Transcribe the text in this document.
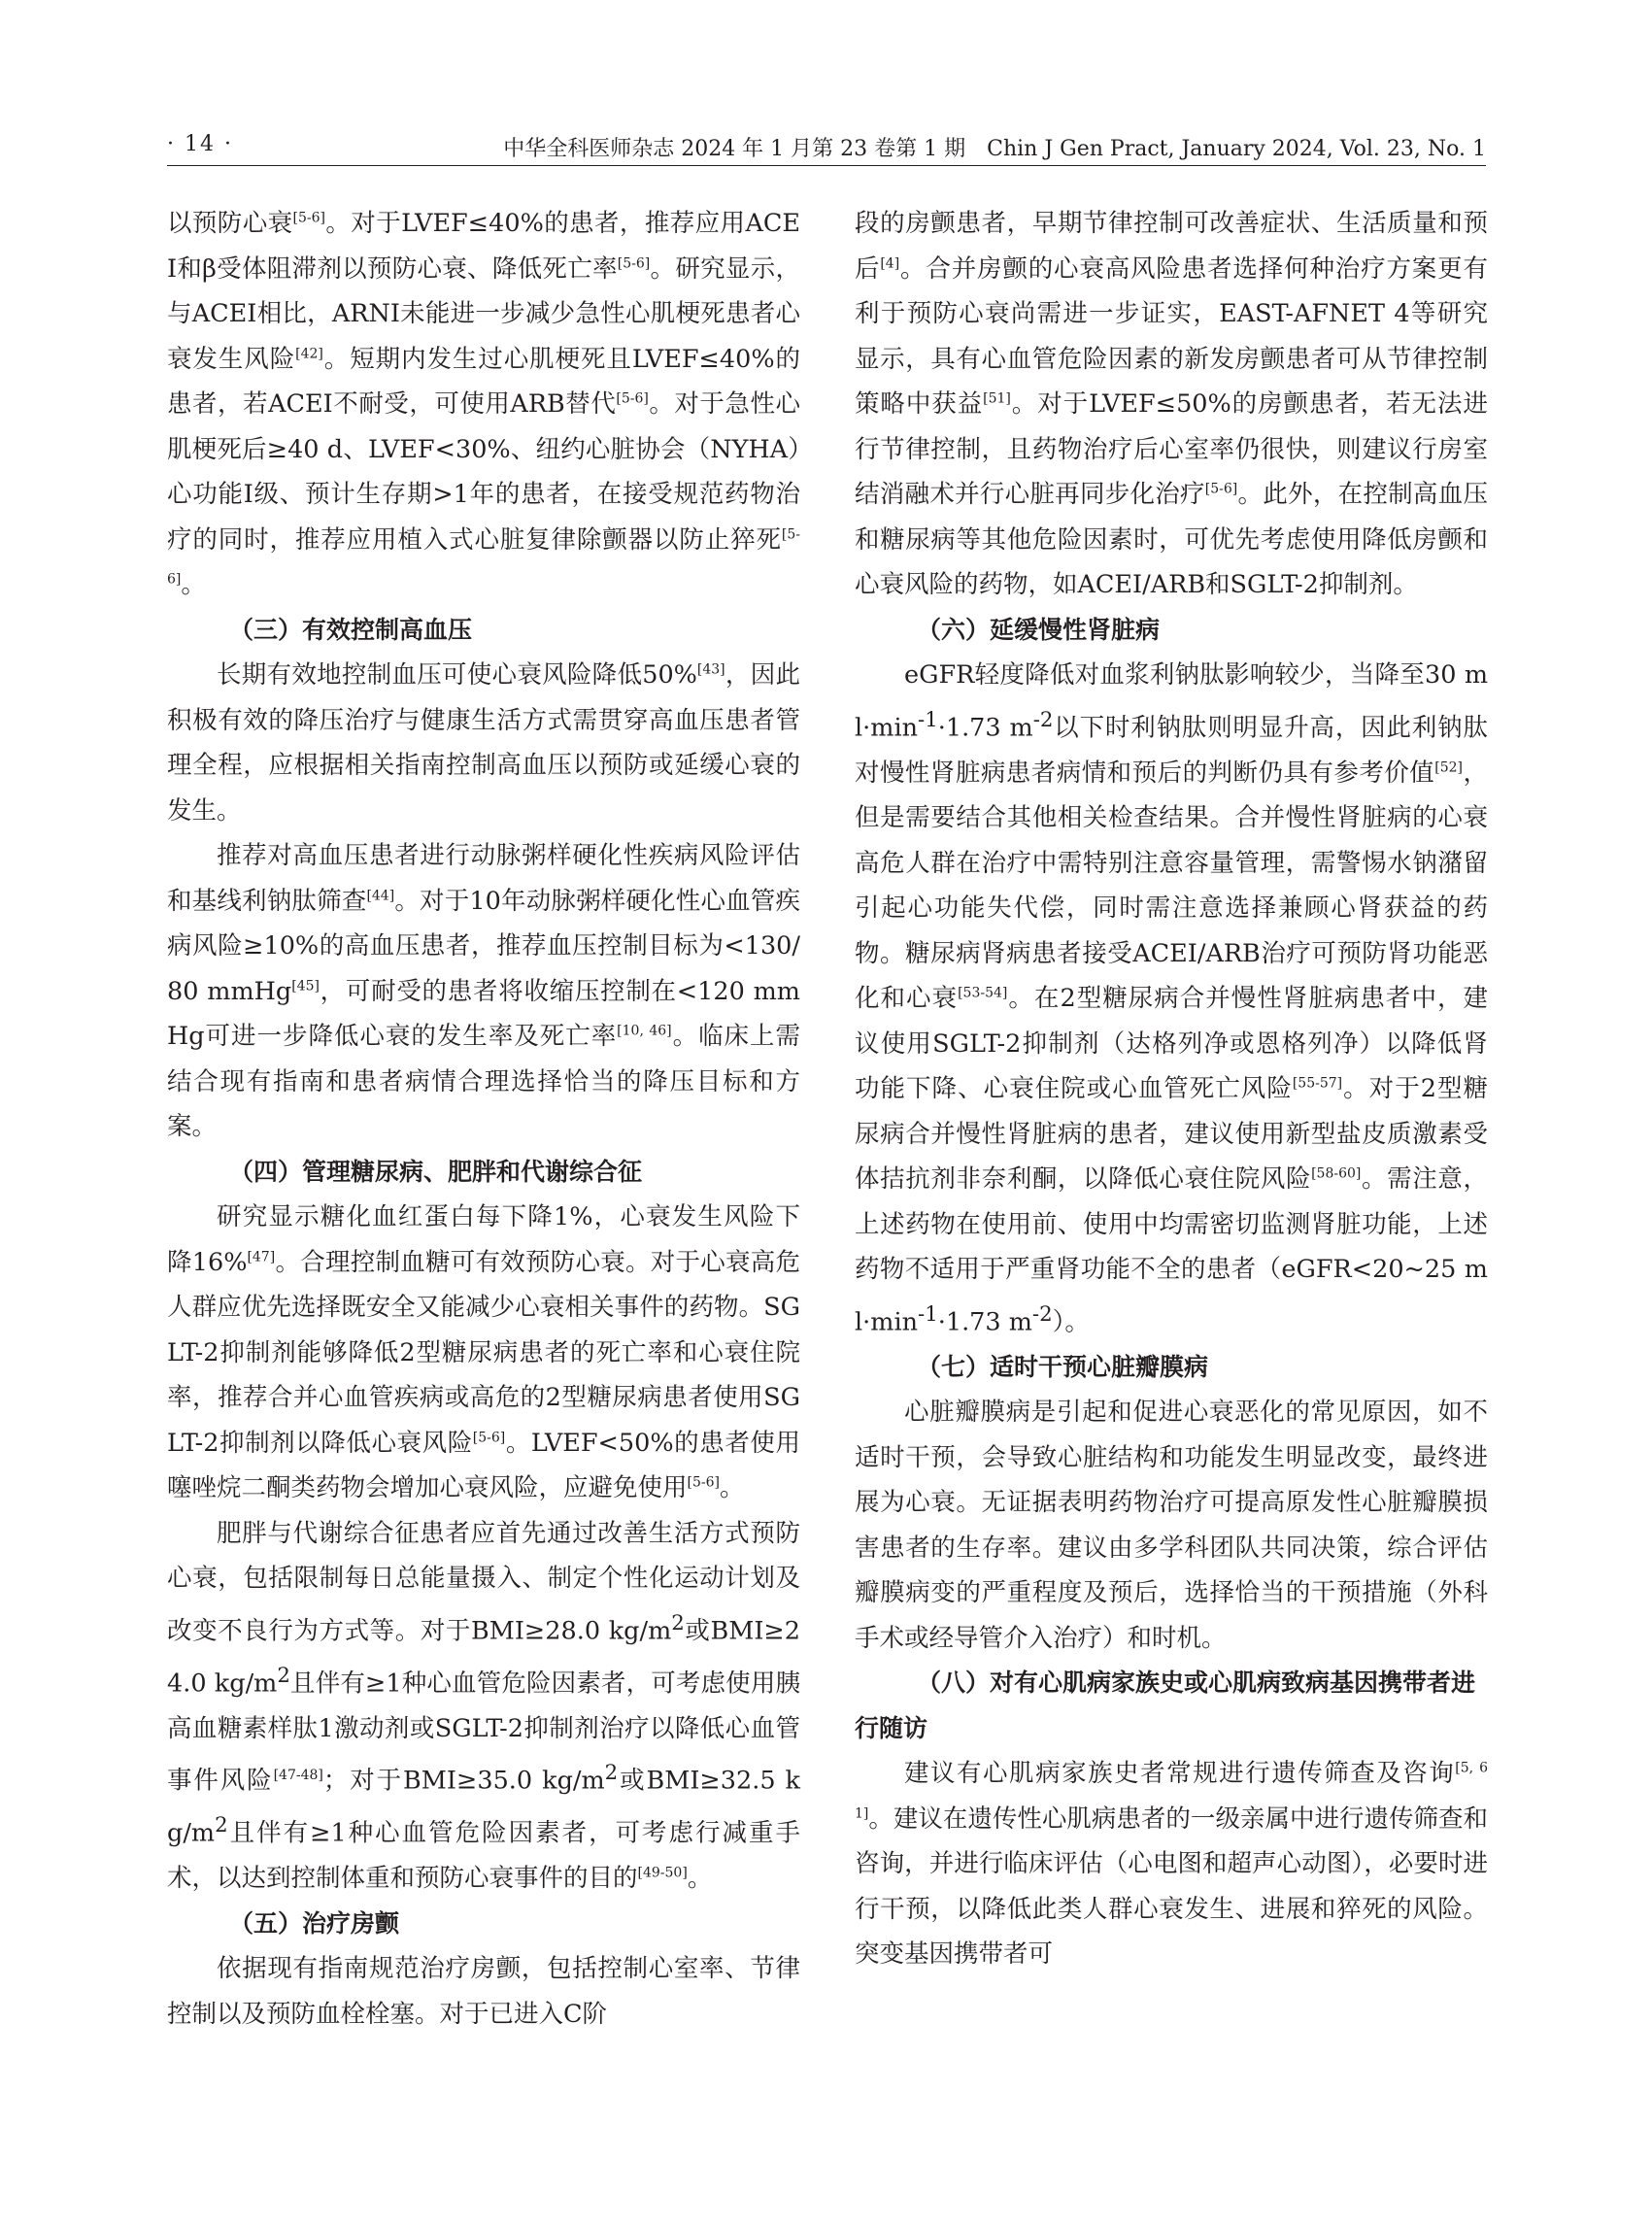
· 14 ·	中华全科医师杂志 2024 年 1 月第 23 卷第 1 期　Chin J Gen Pract, January 2024, Vol. 23, No. 1

以预防心衰[5-6]。对于LVEF≤40%的患者，推荐应用ACEI和β受体阻滞剂以预防心衰、降低死亡率[5-6]。研究显示，与ACEI相比，ARNI未能进一步减少急性心肌梗死患者心衰发生风险[42]。短期内发生过心肌梗死且LVEF≤40%的患者，若ACEI不耐受，可使用ARB替代[5-6]。对于急性心肌梗死后≥40 d、LVEF<30%、纽约心脏协会（NYHA）心功能Ⅰ级、预计生存期>1年的患者，在接受规范药物治疗的同时，推荐应用植入式心脏复律除颤器以防止猝死[5-6]。

（三）有效控制高血压

长期有效地控制血压可使心衰风险降低50%[43]，因此积极有效的降压治疗与健康生活方式需贯穿高血压患者管理全程，应根据相关指南控制高血压以预防或延缓心衰的发生。

推荐对高血压患者进行动脉粥样硬化性疾病风险评估和基线利钠肽筛查[44]。对于10年动脉粥样硬化性心血管疾病风险≥10%的高血压患者，推荐血压控制目标为<130/80 mmHg[45]，可耐受的患者将收缩压控制在<120 mmHg可进一步降低心衰的发生率及死亡率[10, 46]。临床上需结合现有指南和患者病情合理选择恰当的降压目标和方案。

（四）管理糖尿病、肥胖和代谢综合征

研究显示糖化血红蛋白每下降1%，心衰发生风险下降16%[47]。合理控制血糖可有效预防心衰。对于心衰高危人群应优先选择既安全又能减少心衰相关事件的药物。SGLT-2抑制剂能够降低2型糖尿病患者的死亡率和心衰住院率，推荐合并心血管疾病或高危的2型糖尿病患者使用SGLT-2抑制剂以降低心衰风险[5-6]。LVEF<50%的患者使用噻唑烷二酮类药物会增加心衰风险，应避免使用[5-6]。

肥胖与代谢综合征患者应首先通过改善生活方式预防心衰，包括限制每日总能量摄入、制定个性化运动计划及改变不良行为方式等。对于BMI≥28.0 $kg/m^2$或BMI≥24.0 $kg/m^2$且伴有≥1种心血管危险因素者，可考虑使用胰高血糖素样肽1激动剂或SGLT-2抑制剂治疗以降低心血管事件风险[47-48]；对于BMI≥35.0 $kg/m^2$或BMI≥32.5 $kg/m^2$且伴有≥1种心血管危险因素者，可考虑行减重手术，以达到控制体重和预防心衰事件的目的[49-50]。

（五）治疗房颤

依据现有指南规范治疗房颤，包括控制心室率、节律控制以及预防血栓栓塞。对于已进入C阶

段的房颤患者，早期节律控制可改善症状、生活质量和预后[4]。合并房颤的心衰高风险患者选择何种治疗方案更有利于预防心衰尚需进一步证实，EAST-AFNET 4等研究显示，具有心血管危险因素的新发房颤患者可从节律控制策略中获益[51]。对于LVEF≤50%的房颤患者，若无法进行节律控制，且药物治疗后心室率仍很快，则建议行房室结消融术并行心脏再同步化治疗[5-6]。此外，在控制高血压和糖尿病等其他危险因素时，可优先考虑使用降低房颤和心衰风险的药物，如ACEI/ARB和SGLT-2抑制剂。

（六）延缓慢性肾脏病

eGFR轻度降低对血浆利钠肽影响较少，当降至30 $ml\cdot\min^{-1}\cdot 1.73$ $m^{-2}$以下时利钠肽则明显升高，因此利钠肽对慢性肾脏病患者病情和预后的判断仍具有参考价值[52]，但是需要结合其他相关检查结果。合并慢性肾脏病的心衰高危人群在治疗中需特别注意容量管理，需警惕水钠潴留引起心功能失代偿，同时需注意选择兼顾心肾获益的药物。糖尿病肾病患者接受ACEI/ARB治疗可预防肾功能恶化和心衰[53-54]。在2型糖尿病合并慢性肾脏病患者中，建议使用SGLT-2抑制剂（达格列净或恩格列净）以降低肾功能下降、心衰住院或心血管死亡风险[55-57]。对于2型糖尿病合并慢性肾脏病的患者，建议使用新型盐皮质激素受体拮抗剂非奈利酮，以降低心衰住院风险[58-60]。需注意，上述药物在使用前、使用中均需密切监测肾脏功能，上述药物不适用于严重肾功能不全的患者（eGFR<20~25 $ml\cdot\min^{-1}\cdot 1.73$ $m^{-2}$）。

（七）适时干预心脏瓣膜病

心脏瓣膜病是引起和促进心衰恶化的常见原因，如不适时干预，会导致心脏结构和功能发生明显改变，最终进展为心衰。无证据表明药物治疗可提高原发性心脏瓣膜损害患者的生存率。建议由多学科团队共同决策，综合评估瓣膜病变的严重程度及预后，选择恰当的干预措施（外科手术或经导管介入治疗）和时机。

（八）对有心肌病家族史或心肌病致病基因携带者进行随访

建议有心肌病家族史者常规进行遗传筛查及咨询[5, 61]。建议在遗传性心肌病患者的一级亲属中进行遗传筛查和咨询，并进行临床评估（心电图和超声心动图），必要时进行干预，以降低此类人群心衰发生、进展和猝死的风险。突变基因携带者可
